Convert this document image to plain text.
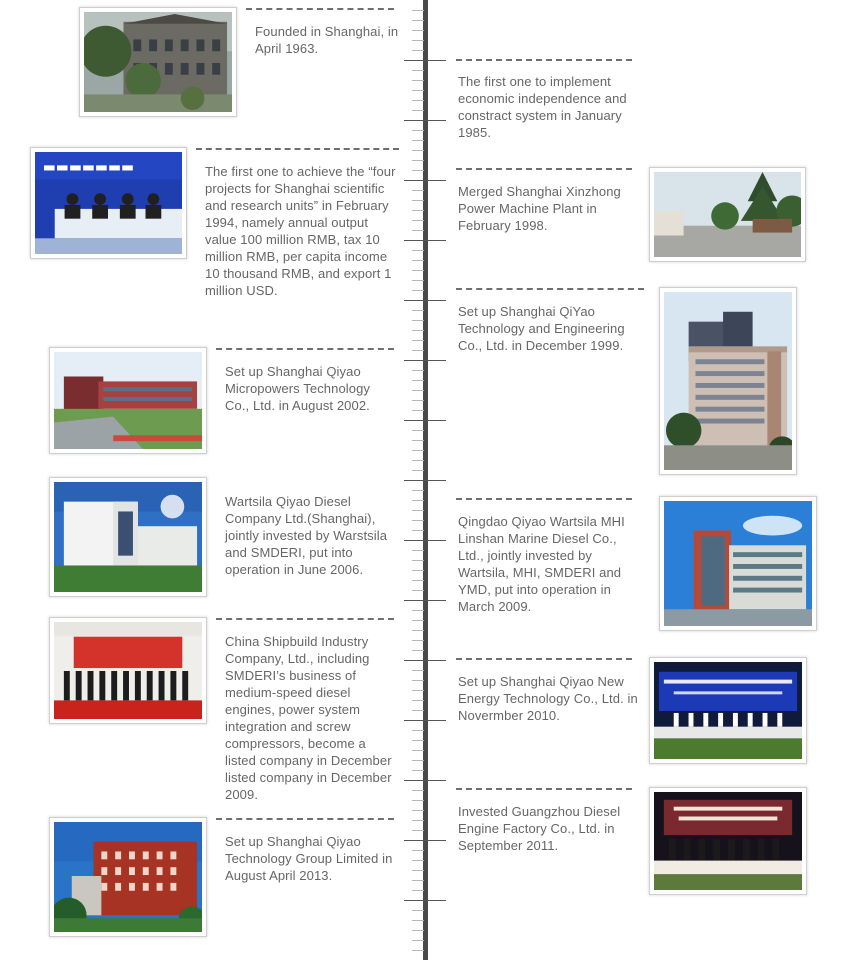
Founded in Shanghai, in April 1963.
The first one to implement economic independence and constract system in January 1985.
The first one to achieve the “four projects for Shanghai scientific and research units” in February 1994, namely annual output value 100 million RMB, tax 10 million RMB, per capita income 10 thousand RMB, and export 1 million USD.
Merged Shanghai Xinzhong Power Machine Plant in February 1998.
Set up Shanghai QiYao Technology and Engineering Co., Ltd. in December 1999.
Set up Shanghai Qiyao Micropowers Technology Co., Ltd. in August 2002.
Wartsila Qiyao Diesel Company Ltd.(Shanghai), jointly invested by Warstsila and SMDERI, put into operation in June 2006.
Qingdao Qiyao Wartsila MHI Linshan Marine Diesel Co., Ltd., jointly invested by Wartsila, MHI, SMDERI and YMD, put into operation in March 2009.
China Shipbuild Industry Company, Ltd., including SMDERI’s business of medium-speed diesel engines, power system integration and screw compressors, become a listed company in December listed company in December 2009.
Set up Shanghai Qiyao New Energy Technology Co., Ltd. in Novermber 2010.
Invested Guangzhou Diesel Engine Factory Co., Ltd. in September 2011.
Set up Shanghai Qiyao Technology Group Limited in August April 2013.
▬▬▬▬▬▬▬
